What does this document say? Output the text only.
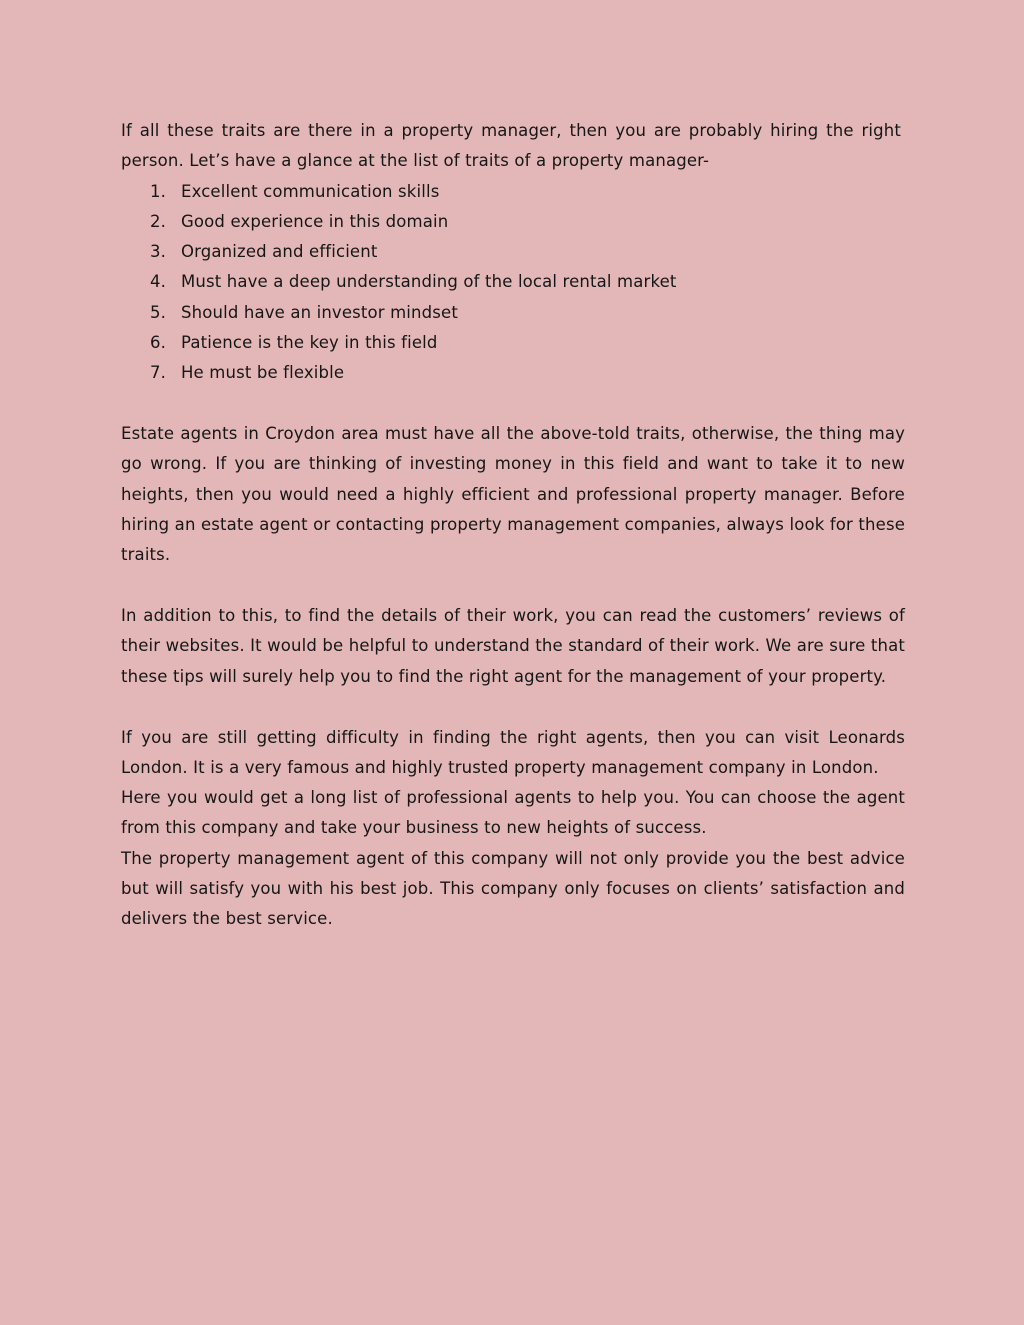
If all these traits are there in a property manager, then you are probably hiring the right person. Let’s have a glance at the list of traits of a property manager-

1. Excellent communication skills
2. Good experience in this domain
3. Organized and efficient
4. Must have a deep understanding of the local rental market
5. Should have an investor mindset
6. Patience is the key in this field
7. He must be flexible

Estate agents in Croydon area must have all the above-told traits, otherwise, the thing may go wrong. If you are thinking of investing money in this field and want to take it to new heights, then you would need a highly efficient and professional property manager. Before hiring an estate agent or contacting property management companies, always look for these traits.

In addition to this, to find the details of their work, you can read the customers’ reviews of their websites. It would be helpful to understand the standard of their work. We are sure that these tips will surely help you to find the right agent for the management of your property.

If you are still getting difficulty in finding the right agents, then you can visit Leonards London. It is a very famous and highly trusted property management company in London.

Here you would get a long list of professional agents to help you. You can choose the agent from this company and take your business to new heights of success.

The property management agent of this company will not only provide you the best advice but will satisfy you with his best job. This company only focuses on clients’ satisfaction and delivers the best service.
